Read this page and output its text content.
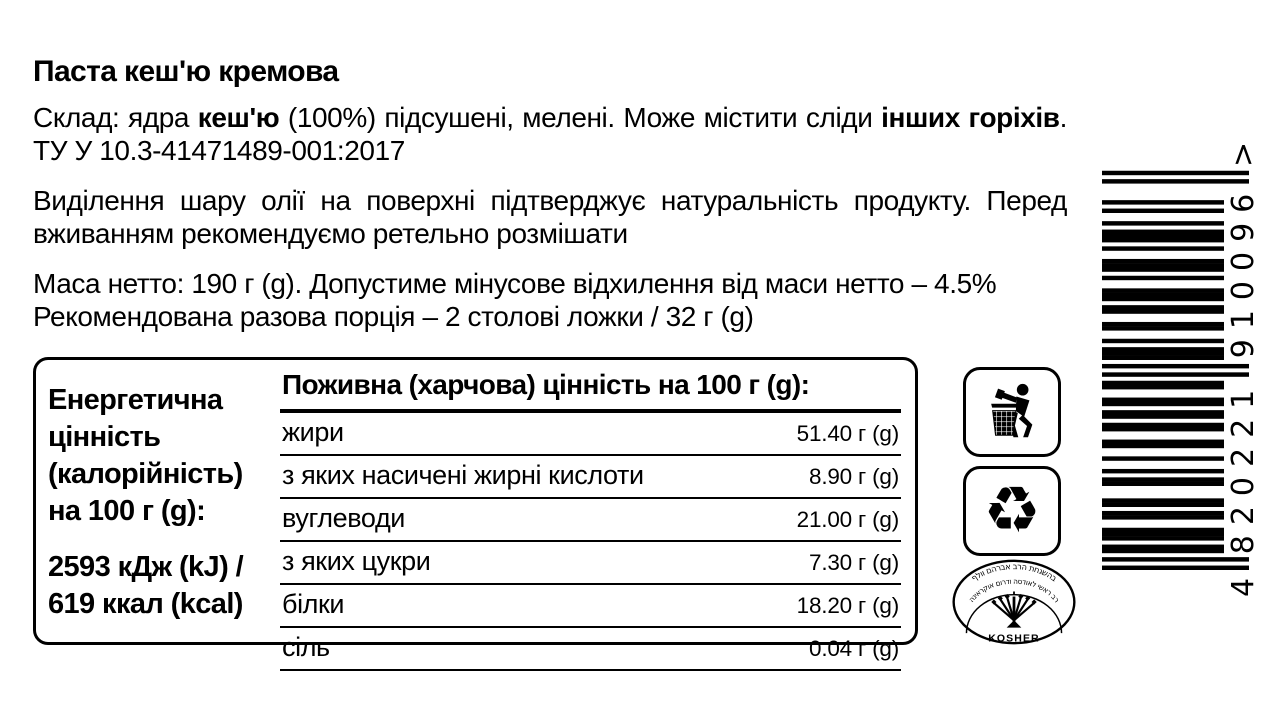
Паста кеш'ю кремова

Склад: ядра кеш'ю (100%) підсушені, мелені. Може містити сліди інших горіхів. ТУ У 10.3-41471489-001:2017

Виділення шару олії на поверхні підтверджує натуральність продукту. Перед вживанням рекомендуємо ретельно розмішати

Маса нетто: 190 г (g). Допустиме мінусове відхилення від маси нетто – 4.5%
Рекомендована разова порція – 2 столові ложки / 32 г (g)
Енергетична
цінність
(калорійність)
на 100 г (g):
2593 кДж (kJ) /
619 ккал (kcal)
Поживна (харчова) цінність на 100 г (g):
жири	51.40 г (g)
з яких насичені жирні кислоти	8.90 г (g)
вуглеводи	21.00 г (g)
з яких цукри	7.30 г (g)
білки	18.20 г (g)
сіль	0.04 г (g)
♻
בהשגחת הרב אברהם וולף
רב ראשי לאודסה ודרום אוקראינה
KOSHER
4
820221
910096
>
